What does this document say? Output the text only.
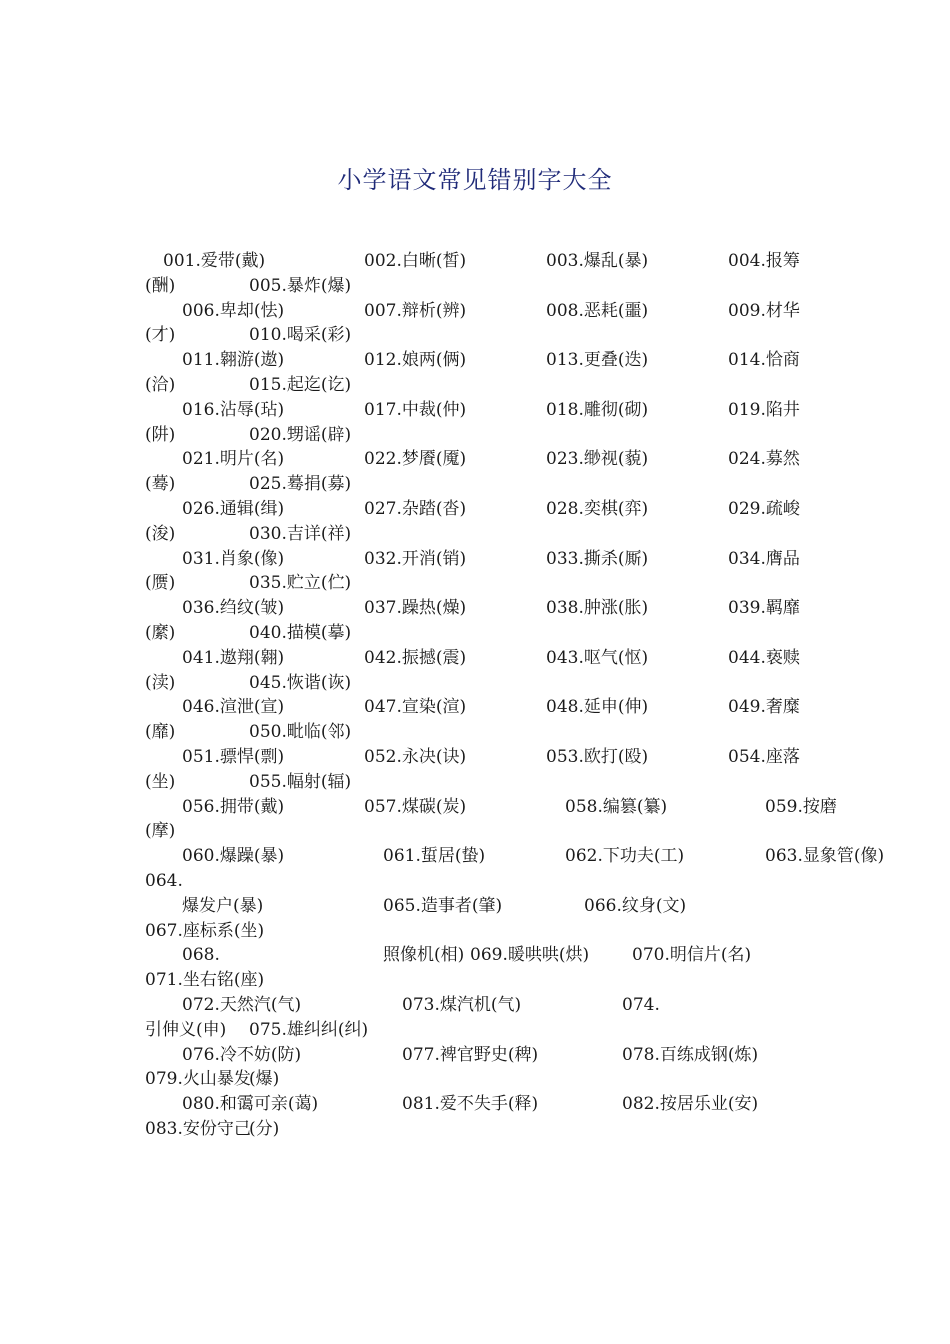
小学语文常见错别字大全
001.爱带(戴)	002.白晰(皙)	003.爆乱(暴)	004.报筹
(酬)	005.暴炸(爆)
006.卑却(怯)	007.辩析(辨)	008.恶耗(噩)	009.材华
(才)	010.喝采(彩)
011.翱游(遨)	012.娘两(俩)	013.更叠(迭)	014.恰商
(洽)	015.起迄(讫)
016.沾辱(玷)	017.中裁(仲)	018.雕彻(砌)	019.陷井
(阱)	020.甥谣(辟)
021.明片(名)	022.梦餍(魇)	023.缈视(藐)	024.募然
(蓦)	025.蓦捐(募)
026.通辑(缉)	027.杂踏(沓)	028.奕棋(弈)	029.疏峻
(浚)	030.吉详(祥)
031.肖象(像)	032.开消(销)	033.撕杀(厮)	034.膺品
(赝)	035.贮立(伫)
036.绉纹(皱)	037.躁热(燥)	038.肿涨(胀)	039.羁靡
(縻)	040.描模(摹)
041.遨翔(翱)	042.振撼(震)	043.呕气(怄)	044.亵赎
(渎)	045.恢谐(诙)
046.渲泄(宣)	047.宣染(渲)	048.延申(伸)	049.奢糜
(靡)	050.毗临(邻)
051.骠悍(剽)	052.永决(诀)	053.欧打(殴)	054.座落
(坐)	055.幅射(辐)
056.拥带(戴)	057.煤碳(炭)	058.编篡(纂)	059.按磨
(摩)
060.爆躁(暴)	061.蜇居(蛰)	062.下功夫(工)	063.显象管(像)
064.
爆发户(暴)	065.造事者(肇)	066.纹身(文)
067.座标系(坐)
068.	照像机(相) 069.暖哄哄(烘)	070.明信片(名)
071.坐右铭(座)
072.天然汽(气)	073.煤汽机(气)	074.
引伸义(申) 075.雄纠纠(纠)
076.冷不妨(防)	077.裨官野史(稗)	078.百练成钢(炼)
079.火山暴发
(爆)
080.和霭可亲(蔼)	081.爱不失手(释)	082.按居乐业(安)
083.安份守己
(分)
